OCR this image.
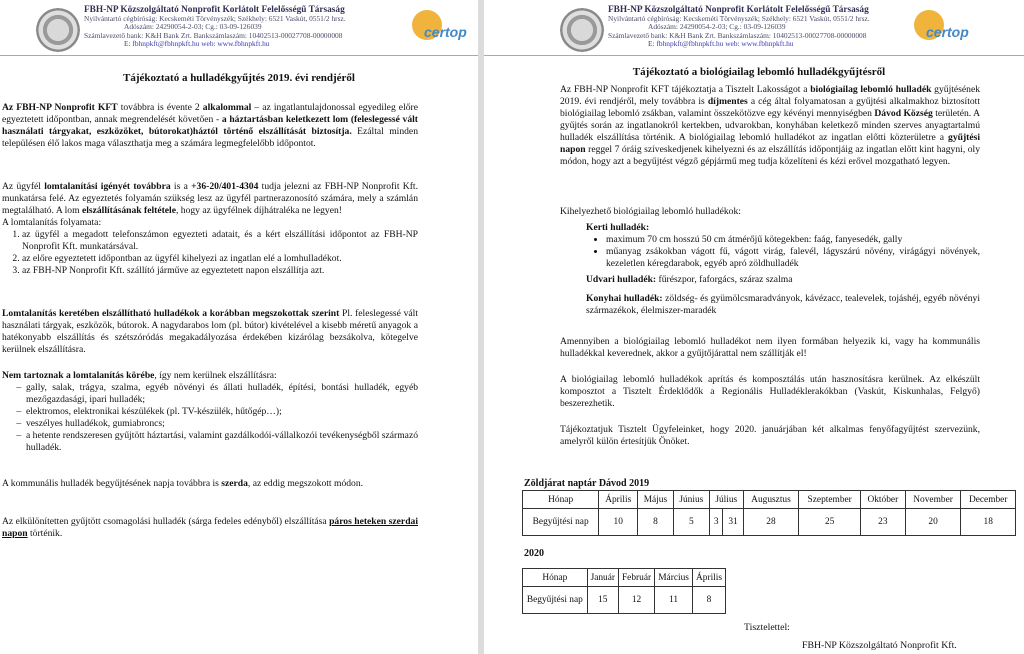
FBH-NP Közszolgáltató Nonprofit Korlátolt Felelősségű Társaság
Nyilvántartó cégbíróság: Kecskeméti Törvényszék; Székhely: 6521 Vaskút, 0551/2 hrsz.
Adószám: 24290054-2-03; Cg.: 03-09-126039
Számlavezető bank: K&H Bank Zrt. Bankszámlaszám: 10402513-00027708-00000008
E: fbhnpkft@fbhnpkft.hu web: www.fbhnpkft.hu
certop
Tájékoztató a hulladékgyűjtés 2019. évi rendjéről
Az FBH-NP Nonprofit KFT továbbra is évente 2 alkalommal – az ingatlantulajdonossal egyedileg előre egyeztetett időpontban, annak megrendelését követően - a háztartásban keletkezett lom (feleslegessé vált használati tárgyakat, eszközöket, bútorokat)háztól történő elszállítását biztosítja. Ezáltal minden településen élő lakos maga választhatja meg a számára legmegfelelőbb időpontot.
Az ügyfél lomtalanítási igényét továbbra is a +36-20/401-4304 tudja jelezni az FBH-NP Nonprofit Kft. munkatársa felé. Az egyeztetés folyamán szükség lesz az ügyfél partnerazonosító számára, mely a számlán megtalálható. A lom elszállításának feltétele, hogy az ügyfélnek díjhátraléka ne legyen!
A lomtalanítás folyamata:
1. az ügyfél a megadott telefonszámon egyezteti adatait, és a kért elszállítási időpontot az FBH-NP Nonprofit Kft. munkatársával.
2. az előre egyeztetett időpontban az ügyfél kihelyezi az ingatlan elé a lomhulladékot.
3. az FBH-NP Nonprofit Kft. szállító járműve az egyeztetett napon elszállítja azt.
Lomtalanítás keretében elszállítható hulladékok a korábban megszokottak szerint Pl. feleslegessé vált használati tárgyak, eszközök, bútorok. A nagydarabos lom (pl. bútor) kivételével a kisebb méretű anyagok a hatékonyabb elszállítás és szétszóródás megakadályozása érdekében kizárólag bezsákolva, kötegelve kerülnek elszállításra.
Nem tartoznak a lomtalanítás körébe, így nem kerülnek elszállításra:
– gally, salak, trágya, szalma, egyéb növényi és állati hulladék, építési, bontási hulladék, egyéb mezőgazdasági, ipari hulladék;
– elektromos, elektronikai készülékek (pl. TV-készülék, hűtőgép…);
– veszélyes hulladékok, gumiabroncs;
– a hetente rendszeresen gyűjtött háztartási, valamint gazdálkodói-vállalkozói tevékenységből származó hulladék.
A kommunális hulladék begyűjtésének napja továbbra is szerda, az eddig megszokott módon.
Az elkülönítetten gyűjtött csomagolási hulladék (sárga fedeles edényből) elszállítása páros heteken szerdai napon történik.
FBH-NP Közszolgáltató Nonprofit Korlátolt Felelősségű Társaság
Nyilvántartó cégbíróság: Kecskeméti Törvényszék; Székhely: 6521 Vaskút, 0551/2 hrsz.
Adószám: 24290054-2-03; Cg.: 03-09-126039
Számlavezető bank: K&H Bank Zrt. Bankszámlaszám: 10402513-00027708-00000008
E: fbhnpkft@fbhnpkft.hu web: www.fbhnpkft.hu
certop
Tájékoztató a biológiailag lebomló hulladékgyűjtésről
Az FBH-NP Nonprofit KFT tájékoztatja a Tisztelt Lakosságot a biológiailag lebomló hulladék gyűjtésének 2019. évi rendjéről, mely továbbra is díjmentes a cég által folyamatosan a gyűjtési alkalmakhoz biztosított biológiailag lebomló zsákban, valamint összekötözve egy kévényi mennyiségben Dávod Község területén. A gyűjtés során az ingatlanokról kertekben, udvarokban, konyhában keletkező minden szerves anyagtartalmú hulladék elszállítása történik. A biológiailag lebomló hulladékot az ingatlan előtti közterületre a gyűjtési napon reggel 7 óráig szíveskedjenek kihelyezni és az elszállítás időpontjáig az ingatlan előtt kint hagyni, oly módon, hogy azt a begyűjtést végző gépjármű meg tudja közelíteni és kézi erővel mozgatható legyen.
Kihelyezhető biológiailag lebomló hulladékok:
Kerti hulladék:
• maximum 70 cm hosszú 50 cm átmérőjű kötegekben: faág, fanyesedék, gally
• műanyag zsákokban vágott fű, vágott virág, falevél, lágyszárú növény, virágágyi növények, kezeletlen kéregdarabok, egyéb apró zöldhulladék
Udvari hulladék: fűrészpor, faforgács, száraz szalma
Konyhai hulladék: zöldség- és gyümölcsmaradványok, kávézacc, tealevelek, tojáshéj, egyéb növényi származékok, élelmiszer-maradék
Amennyiben a biológiailag lebomló hulladékot nem ilyen formában helyezik ki, vagy ha kommunális hulladékkal keverednek, akkor a gyűjtőjárattal nem szállítják el!
A biológiailag lebomló hulladékok aprítás és komposztálás után hasznosításra kerülnek. Az elkészült komposztot a Tisztelt Érdeklődők a Regionális Hulladéklerakókban (Vaskút, Kiskunhalas, Felgyő) beszerezhetik.
Tájékoztatjuk Tisztelt Ügyfeleinket, hogy 2020. januárjában két alkalmas fenyőfagyűjtést szervezünk, amelyről külön értesítjük Önöket.
Zöldjárat naptár Dávod 2019
Hónap	Április	Május	Június	Július		Augusztus	Szeptember	Október	November	December
Begyűjtési nap	10	8	5	3	31	28	25	23	20	18
2020
Hónap	Január	Február	Március	Április
Begyűjtési nap	15	12	11	8
Tisztelettel:
FBH-NP Közszolgáltató Nonprofit Kft.
